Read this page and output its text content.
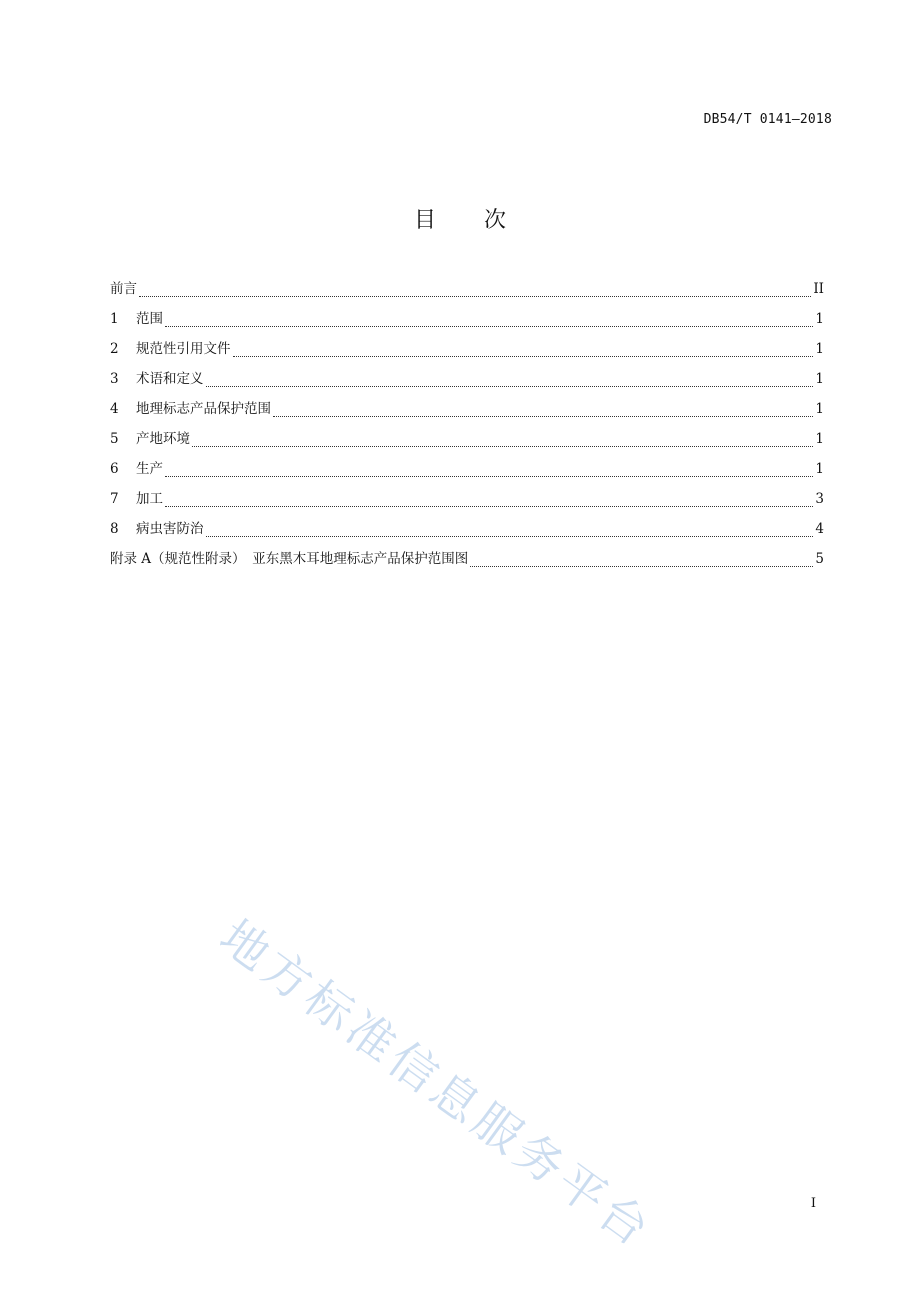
DB54/T 0141—2018
目 次
前言	II
1	范围	1
2	规范性引用文件	1
3	术语和定义	1
4	地理标志产品保护范围	1
5	产地环境	1
6	生产	1
7	加工	3
8	病虫害防治	4
附录 A（规范性附录）　亚东黑木耳地理标志产品保护范围图	5
地方标准信息服务平台	I
